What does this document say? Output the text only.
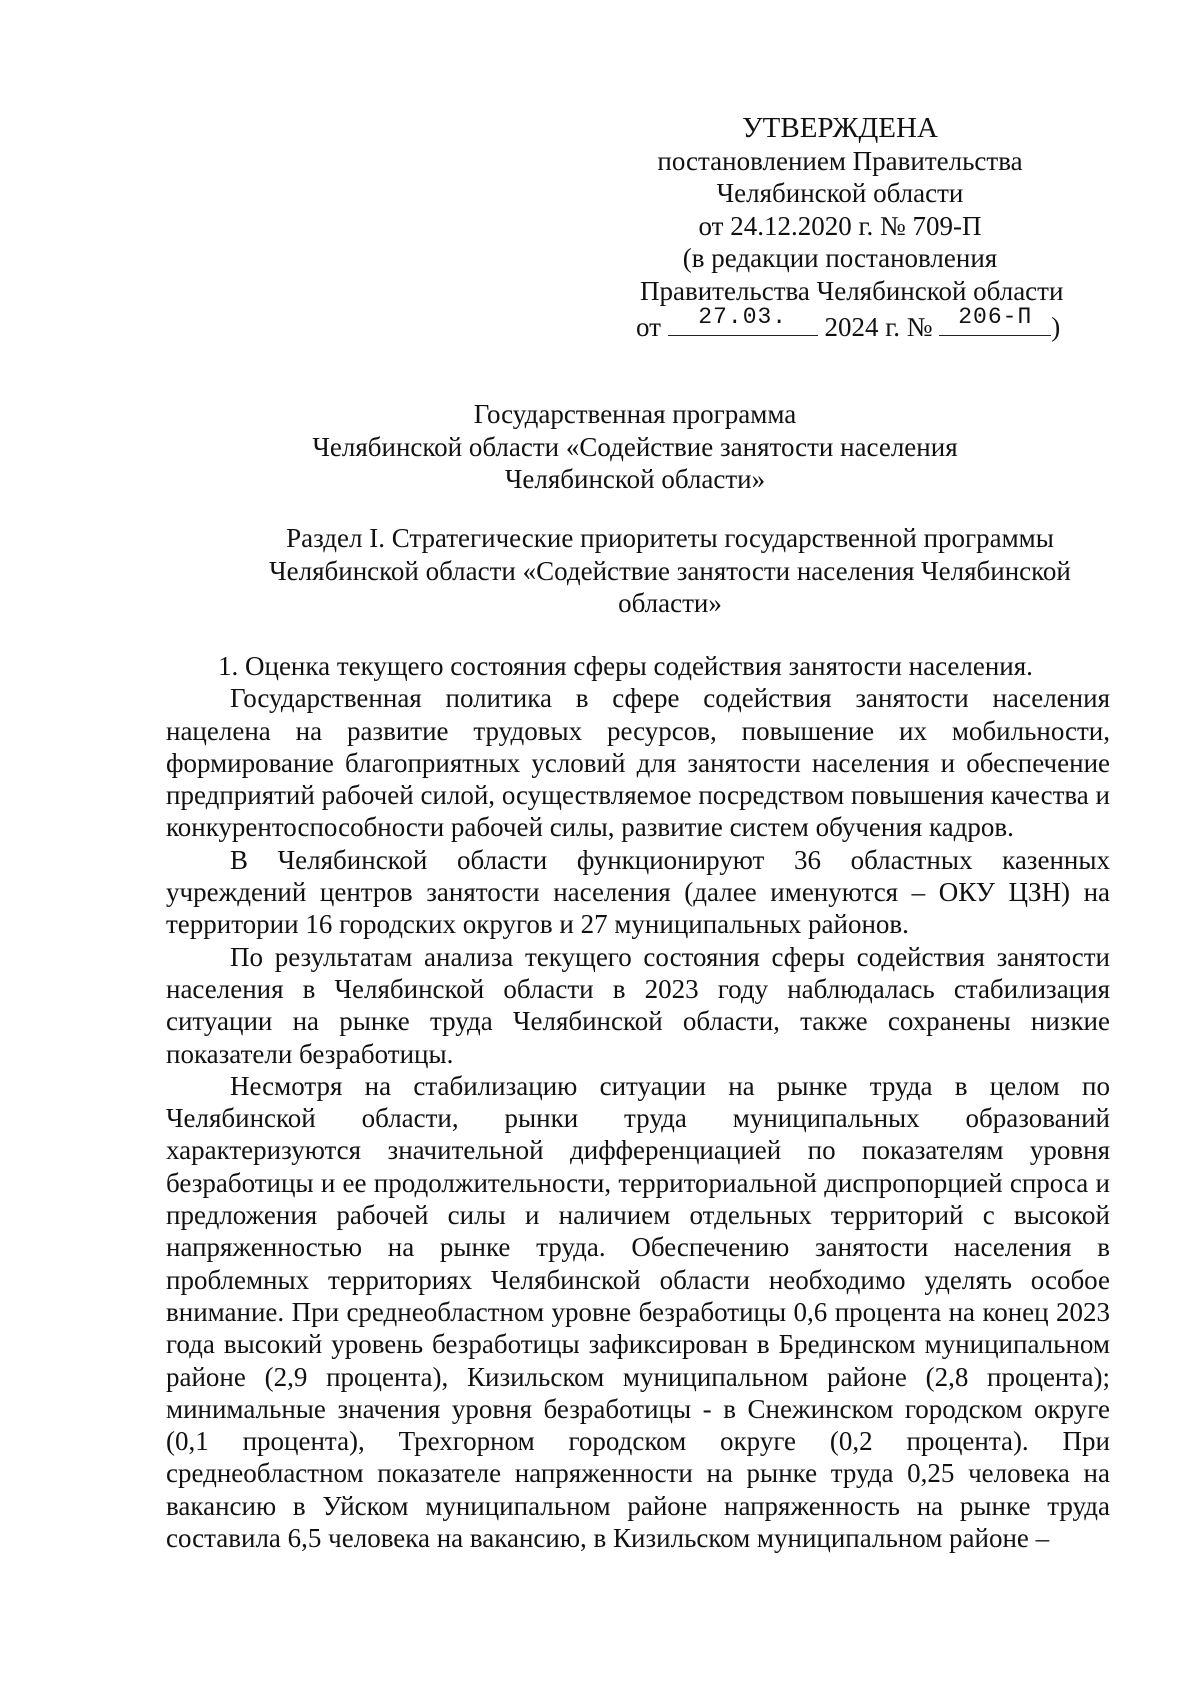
УТВЕРЖДЕНА
постановлением Правительства
Челябинской области
от 24.12.2020 г. № 709-П
(в редакции постановления
Правительства Челябинской области
от	27.03.	2024 г. №	206-П )
Государственная программа
Челябинской области «Содействие занятости населения
Челябинской области»
Раздел I. Стратегические приоритеты государственной программы
Челябинской области «Содействие занятости населения Челябинской
области»

1. Оценка текущего состояния сферы содействия занятости населения.

Государственная политика в сфере содействия занятости населения нацелена на развитие трудовых ресурсов, повышение их мобильности, формирование благоприятных условий для занятости населения и обеспечение предприятий рабочей силой, осуществляемое посредством повышения качества и конкурентоспособности рабочей силы, развитие систем обучения кадров.

В Челябинской области функционируют 36 областных казенных учреждений центров занятости населения (далее именуются – ОКУ ЦЗН) на территории 16 городских округов и 27 муниципальных районов.

По результатам анализа текущего состояния сферы содействия занятости населения в Челябинской области в 2023 году наблюдалась стабилизация ситуации на рынке труда Челябинской области, также сохранены низкие показатели безработицы.

Несмотря на стабилизацию ситуации на рынке труда в целом по Челябинской области, рынки труда муниципальных образований характеризуются значительной дифференциацией по показателям уровня безработицы и ее продолжительности, территориальной диспропорцией спроса и предложения рабочей силы и наличием отдельных территорий с высокой напряженностью на рынке труда. Обеспечению занятости населения в проблемных территориях Челябинской области необходимо уделять особое внимание. При среднеобластном уровне безработицы 0,6 процента на конец 2023 года высокий уровень безработицы зафиксирован в Брединском муниципальном районе (2,9 процента), Кизильском муниципальном районе (2,8 процента); минимальные значения уровня безработицы - в Снежинском городском округе (0,1 процента), Трехгорном городском округе (0,2 процента). При среднеобластном показателе напряженности на рынке труда 0,25 человека на вакансию в Уйском муниципальном районе напряженность на рынке труда составила 6,5 человека на вакансию, в Кизильском муниципальном районе –
